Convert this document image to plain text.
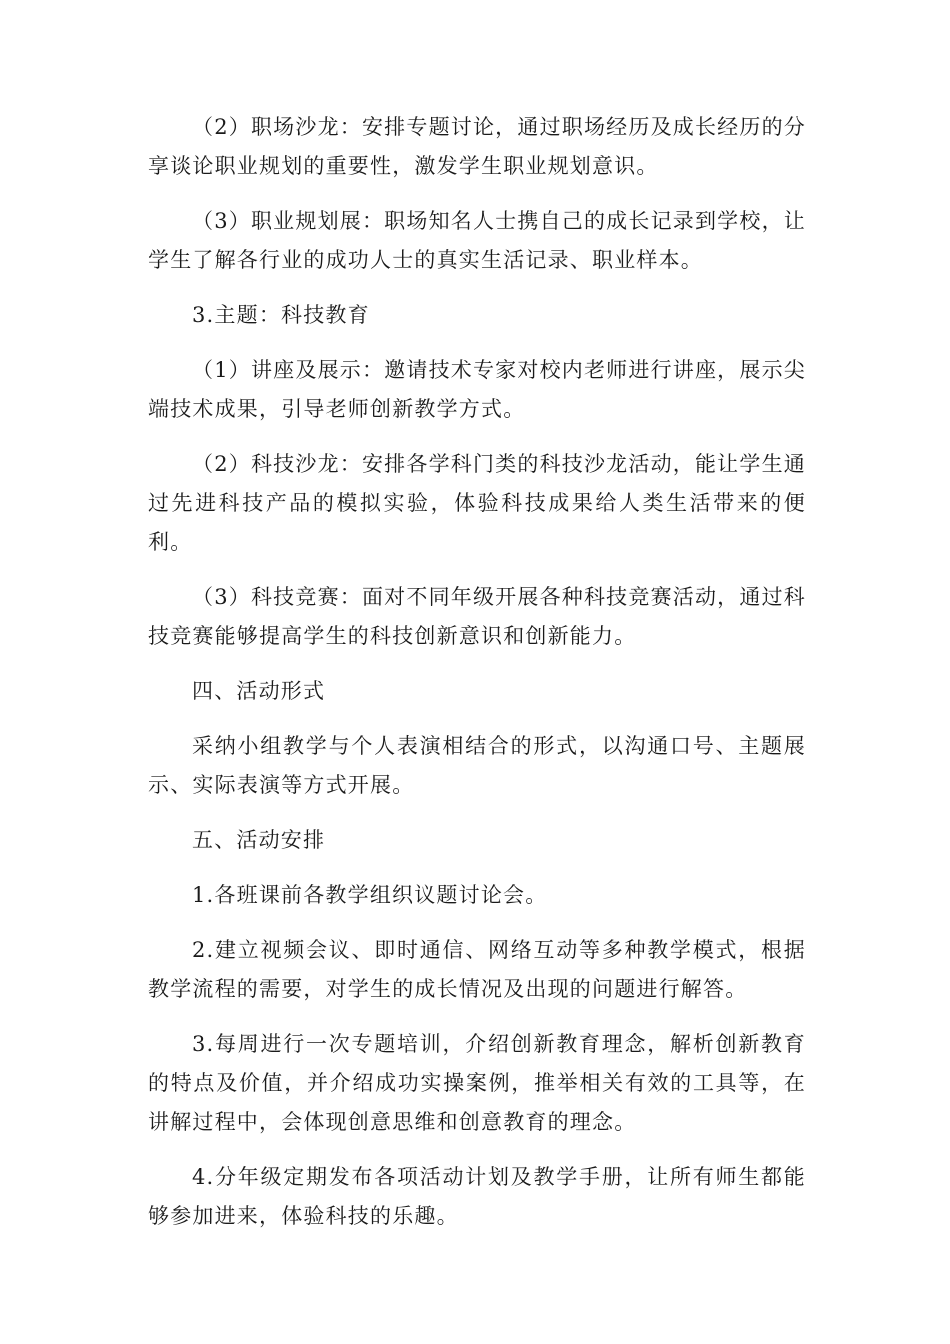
（2）职场沙龙：安排专题讨论，通过职场经历及成长经历的分享谈论职业规划的重要性，激发学生职业规划意识。

（3）职业规划展：职场知名人士携自己的成长记录到学校，让学生了解各行业的成功人士的真实生活记录、职业样本。

3.主题：科技教育

（1）讲座及展示：邀请技术专家对校内老师进行讲座，展示尖端技术成果，引导老师创新教学方式。

（2）科技沙龙：安排各学科门类的科技沙龙活动，能让学生通过先进科技产品的模拟实验，体验科技成果给人类生活带来的便利。

（3）科技竞赛：面对不同年级开展各种科技竞赛活动，通过科技竞赛能够提高学生的科技创新意识和创新能力。

四、活动形式

采纳小组教学与个人表演相结合的形式，以沟通口号、主题展示、实际表演等方式开展。

五、活动安排

1.各班课前各教学组织议题讨论会。

2.建立视频会议、即时通信、网络互动等多种教学模式，根据教学流程的需要，对学生的成长情况及出现的问题进行解答。

3.每周进行一次专题培训，介绍创新教育理念，解析创新教育的特点及价值，并介绍成功实操案例，推举相关有效的工具等，在讲解过程中，会体现创意思维和创意教育的理念。

4.分年级定期发布各项活动计划及教学手册，让所有师生都能够参加进来，体验科技的乐趣。
